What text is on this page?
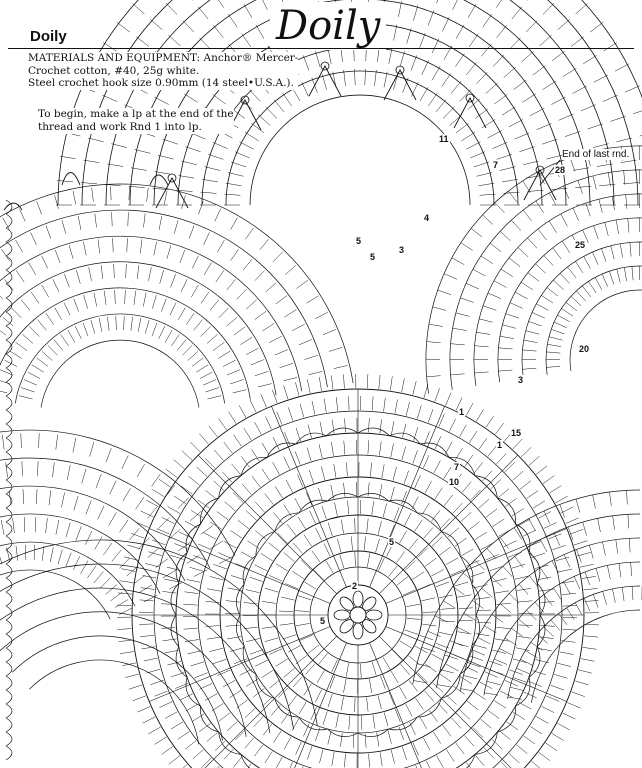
Doily
Doily
MATERIALS AND EQUIPMENT: Anchor® Mercer-
Crochet cotton, #40, 25g white.
Steel crochet hook size 0.90mm (14 steel•U.S.A.).
To begin, make a lp at the end of the
thread and work Rnd 1 into lp.
End of last rnd.
2
5
5
10
15
20
25
28
3
4
5
7
11
5
3
1
1
7
